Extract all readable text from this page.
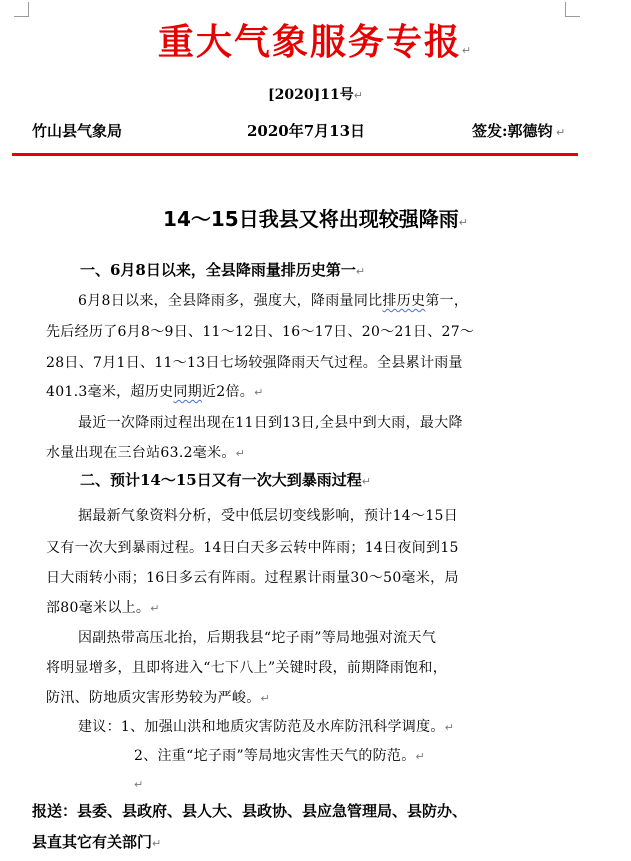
重大气象服务专报↵
[2020]11号↵
竹山县气象局	2020年7月13日	签发:郭德钧 ↵
14～15日我县又将出现较强降雨↵
一、6月8日以来，全县降雨量排历史第一↵
6月8日以来，全县降雨多，强度大，降雨量同比排历史第一，
先后经历了6月8～9日、11～12日、16～17日、20～21日、27～
28日、7月1日、11～13日七场较强降雨天气过程。全县累计雨量
401.3毫米，超历史同期近2倍。↵
最近一次降雨过程出现在11日到13日,全县中到大雨，最大降
水量出现在三台站63.2毫米。↵
二、预计14～15日又有一次大到暴雨过程↵
据最新气象资料分析，受中低层切变线影响，预计14～15日
又有一次大到暴雨过程。14日白天多云转中阵雨；14日夜间到15
日大雨转小雨；16日多云有阵雨。过程累计雨量30～50毫米，局
部80毫米以上。↵
因副热带高压北抬，后期我县“坨子雨”等局地强对流天气
将明显增多，且即将进入“七下八上”关键时段，前期降雨饱和，
防汛、防地质灾害形势较为严峻。↵
建议：1、加强山洪和地质灾害防范及水库防汛科学调度。↵
2、注重“坨子雨”等局地灾害性天气的防范。↵
↵
报送：县委、县政府、县人大、县政协、县应急管理局、县防办、
县直其它有关部门↵
